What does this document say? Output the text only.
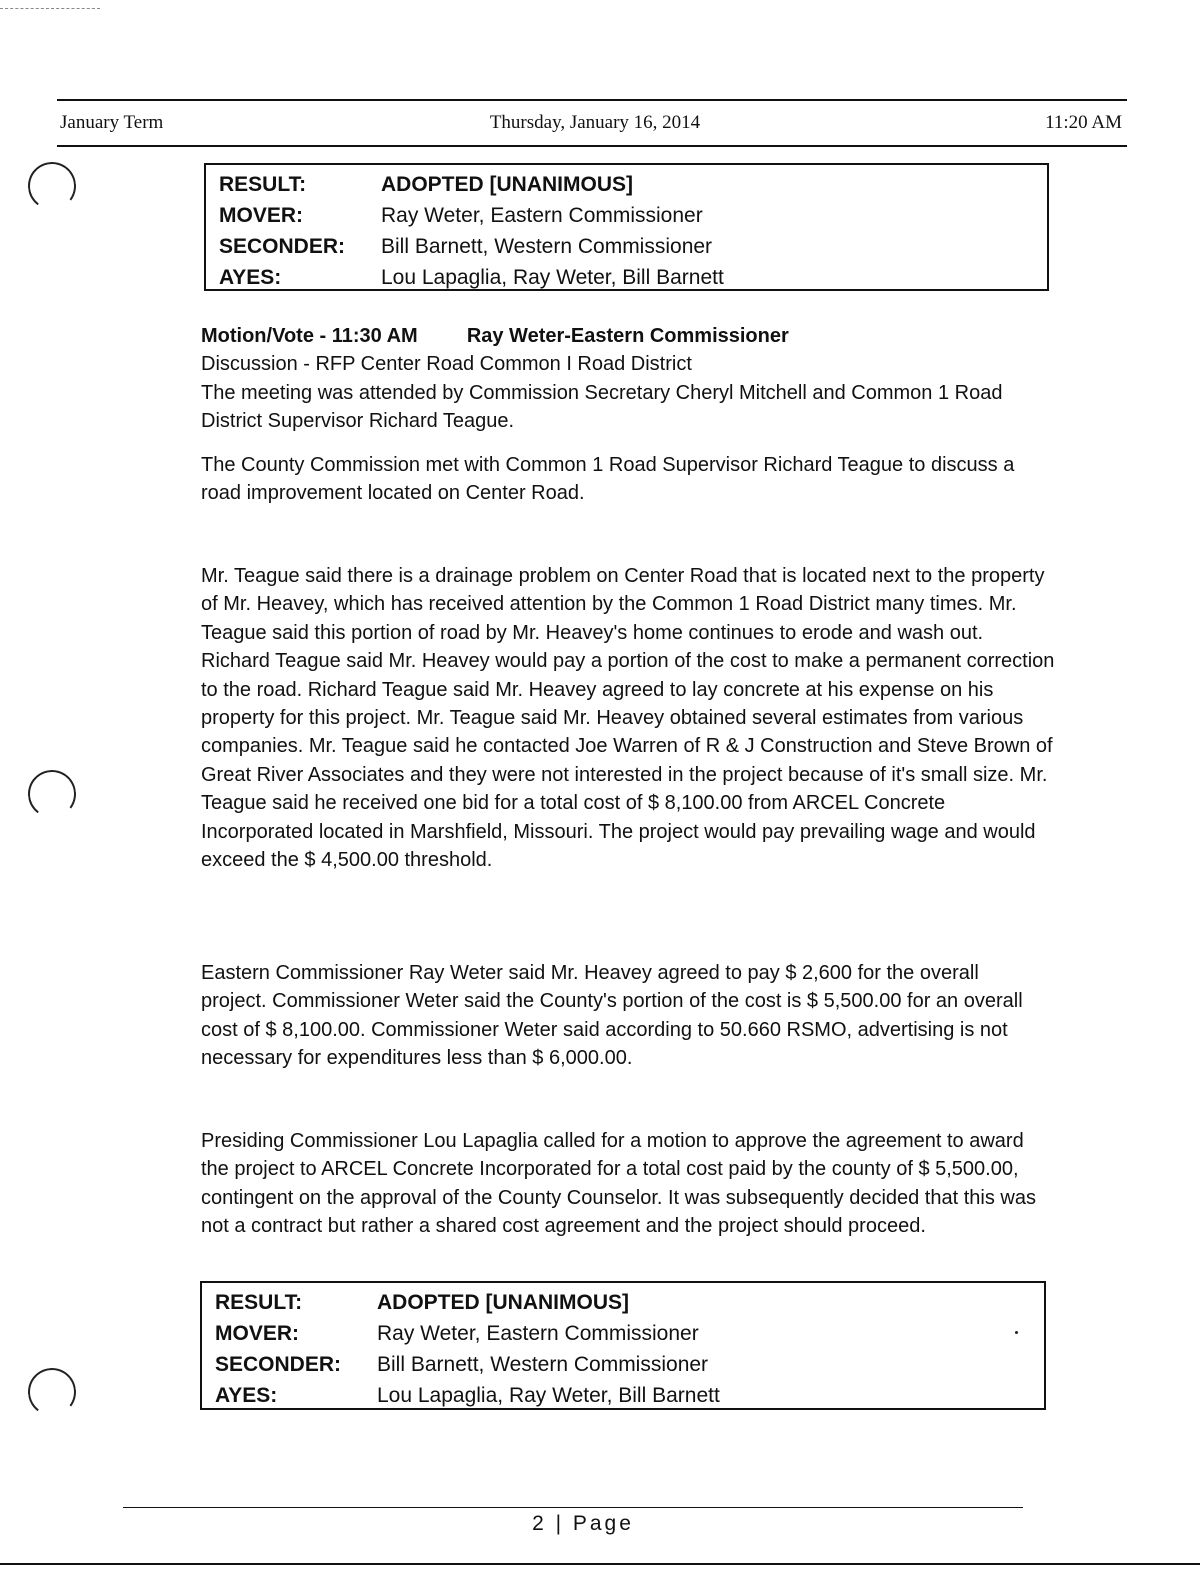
January Term	Thursday, January 16, 2014	11:20 AM
RESULT:	ADOPTED [UNANIMOUS]
MOVER:	Ray Weter, Eastern Commissioner
SECONDER: Bill Barnett, Western Commissioner
AYES:	Lou Lapaglia, Ray Weter, Bill Barnett
Motion/Vote - 11:30 AM Ray Weter-Eastern Commissioner
Discussion - RFP Center Road Common I Road District
The meeting was attended by Commission Secretary Cheryl Mitchell and Common 1 Road District Supervisor Richard Teague.

The County Commission met with Common 1 Road Supervisor Richard Teague to discuss a road improvement located on Center Road.

Mr. Teague said there is a drainage problem on Center Road that is located next to the property of Mr. Heavey, which has received attention by the Common 1 Road District many times. Mr. Teague said this portion of road by Mr. Heavey's home continues to erode and wash out. Richard Teague said Mr. Heavey would pay a portion of the cost to make a permanent correction to the road. Richard Teague said Mr. Heavey agreed to lay concrete at his expense on his property for this project. Mr. Teague said Mr. Heavey obtained several estimates from various companies. Mr. Teague said he contacted Joe Warren of R & J Construction and Steve Brown of Great River Associates and they were not interested in the project because of it's small size. Mr. Teague said he received one bid for a total cost of $ 8,100.00 from ARCEL Concrete Incorporated located in Marshfield, Missouri. The project would pay prevailing wage and would exceed the $ 4,500.00 threshold.

Eastern Commissioner Ray Weter said Mr. Heavey agreed to pay $ 2,600 for the overall project. Commissioner Weter said the County's portion of the cost is $ 5,500.00 for an overall cost of $ 8,100.00. Commissioner Weter said according to 50.660 RSMO, advertising is not necessary for expenditures less than $ 6,000.00.

Presiding Commissioner Lou Lapaglia called for a motion to approve the agreement to award the project to ARCEL Concrete Incorporated for a total cost paid by the county of $ 5,500.00, contingent on the approval of the County Counselor. It was subsequently decided that this was not a contract but rather a shared cost agreement and the project should proceed.

RESULT:	ADOPTED [UNANIMOUS]
MOVER:	Ray Weter, Eastern Commissioner
SECONDER: Bill Barnett, Western Commissioner
AYES:	Lou Lapaglia, Ray Weter, Bill Barnett
2 | Page
